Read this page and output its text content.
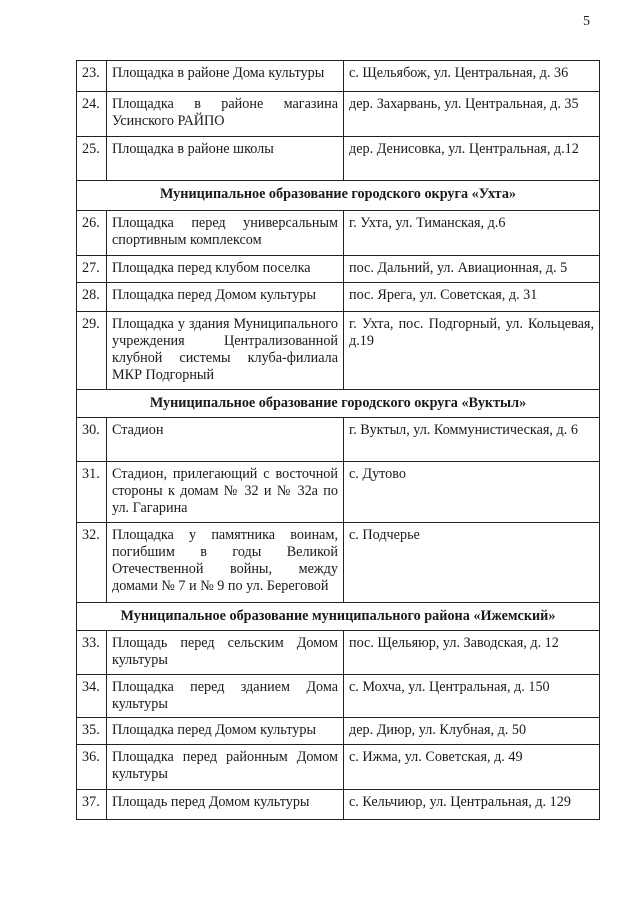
5
23.	Площадка в районе Дома культуры	с. Щельябож, ул. Центральная, д. 36
24.	Площадка в районе магазина Усинского РАЙПО	дер. Захарвань, ул. Центральная, д. 35
25.	Площадка в районе школы	дер. Денисовка, ул. Центральная, д.12
Муниципальное образование городского округа «Ухта»		
26.	Площадка перед универсальным спортивным комплексом	г. Ухта, ул. Тиманская, д.6
27.	Площадка перед клубом поселка	пос. Дальний, ул. Авиационная, д. 5
28.	Площадка перед Домом культуры	пос. Ярега, ул. Советская, д. 31
29.	Площадка у здания Муниципального учреждения Централизованной клубной системы клуба-филиала МКР Подгорный	г. Ухта, пос. Подгорный, ул. Кольцевая, д.19
Муниципальное образование городского округа «Вуктыл»		
30.	Стадион	г. Вуктыл, ул. Коммунистическая, д. 6
31.	Стадион, прилегающий с восточной стороны к домам № 32 и № 32а по ул. Гагарина	с. Дутово
32.	Площадка у памятника воинам, погибшим в годы Великой Отечественной войны, между домами № 7 и № 9 по ул. Береговой	с. Подчерье
Муниципальное образование муниципального района «Ижемский»		
33.	Площадь перед сельским Домом культуры	пос. Щельяюр, ул. Заводская, д. 12
34.	Площадка перед зданием Дома культуры	с. Мохча, ул. Центральная, д. 150
35.	Площадка перед Домом культуры	дер. Диюр, ул. Клубная, д. 50
36.	Площадка перед районным Домом культуры	с. Ижма, ул. Советская, д. 49
37.	Площадь перед Домом культуры	с. Кельчиюр, ул. Центральная, д. 129
